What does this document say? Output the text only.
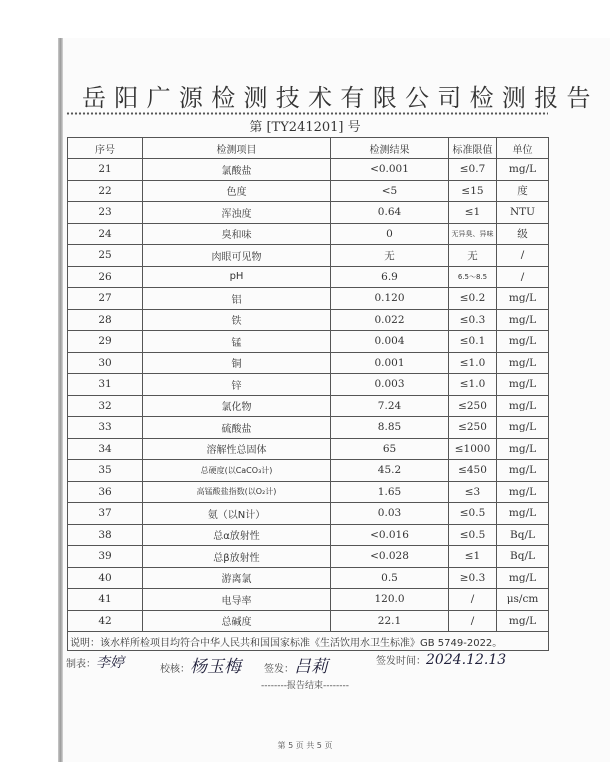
岳阳广源检测技术有限公司检测报告
第 [TY241201] 号
序号	检测项目	检测结果	标准限值	单位
21	氯酸盐	<0.001	≤0.7	mg/L
22	色度	<5	≤15	度
23	浑浊度	0.64	≤1	NTU
24	臭和味	0	无异臭、异味	级
25	肉眼可见物	无	无	/
26	pH	6.9	6.5～8.5	/
27	铝	0.120	≤0.2	mg/L
28	铁	0.022	≤0.3	mg/L
29	锰	0.004	≤0.1	mg/L
30	铜	0.001	≤1.0	mg/L
31	锌	0.003	≤1.0	mg/L
32	氯化物	7.24	≤250	mg/L
33	硫酸盐	8.85	≤250	mg/L
34	溶解性总固体	65	≤1000	mg/L
35	总硬度(以CaCO₃计)	45.2	≤450	mg/L
36	高锰酸盐指数(以O₂计)	1.65	≤3	mg/L
37	氨（以N计）	0.03	≤0.5	mg/L
38	总α放射性	<0.016	≤0.5	Bq/L
39	总β放射性	<0.028	≤1	Bq/L
40	游离氯	0.5	≥0.3	mg/L
41	电导率	120.0	/	μs/cm
42	总碱度	22.1	/	mg/L
说明：该水样所检项目均符合中华人民共和国国家标准《生活饮用水卫生标准》GB 5749-2022。				
制表：李婷	校核：杨玉梅 签发：吕莉	签发时间：2024.12.13
--------报告结束--------
第 5 页 共 5 页
